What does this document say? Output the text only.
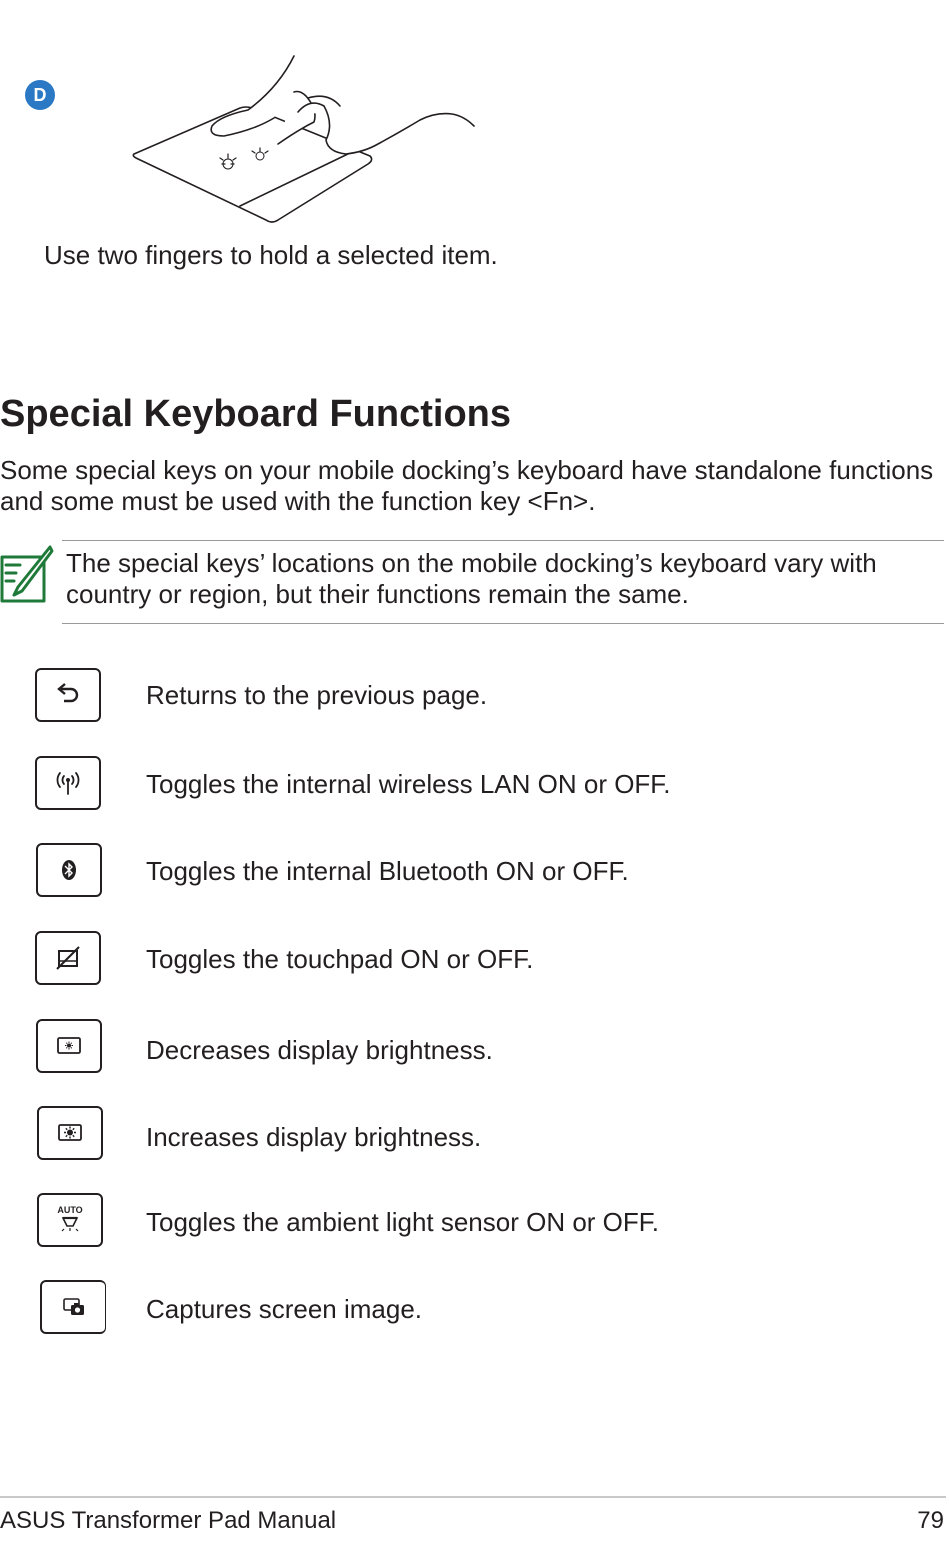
D
Use two fingers to hold a selected item.
Special Keyboard Functions
Some special keys on your mobile docking’s keyboard have standalone functions and some must be used with the function key <Fn>.
The special keys’ locations on the mobile docking’s keyboard vary with country or region, but their functions remain the same.
Returns to the previous page.
Toggles the internal wireless LAN ON or OFF.
Toggles the internal Bluetooth ON or OFF.
Toggles the touchpad ON or OFF.
Decreases display brightness.
Increases display brightness.
AUTO Toggles the ambient light sensor ON or OFF.
Captures screen image.
ASUS Transformer Pad Manual	79
